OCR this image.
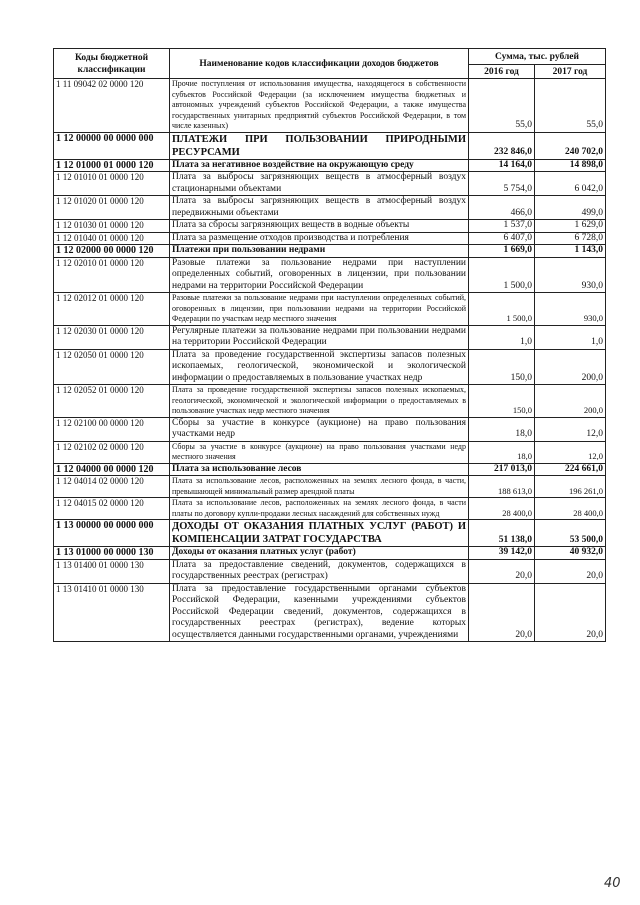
Коды бюджетной классификации	Наименование кодов классификации доходов бюджетов	Сумма, тыс. рублей	
		2016 год	2017 год
1 11 09042 02 0000 120	Прочие поступления от использования имущества, находящегося в собственности субъектов Российской Федерации (за исключением имущества бюджетных и автономных учреждений субъектов Российской Федерации, а также имущества государственных унитарных предприятий субъектов Российской Федерации, в том числе казенных)	55,0	55,0
1 12 00000 00 0000 000	ПЛАТЕЖИ ПРИ ПОЛЬЗОВАНИИ ПРИРОДНЫМИ РЕСУРСАМИ	232 846,0	240 702,0
1 12 01000 01 0000 120	Плата за негативное воздействие на окружающую среду	14 164,0	14 898,0
1 12 01010 01 0000 120	Плата за выбросы загрязняющих веществ в атмосферный воздух стационарными объектами	5 754,0	6 042,0
1 12 01020 01 0000 120	Плата за выбросы загрязняющих веществ в атмосферный воздух передвижными объектами	466,0	499,0
1 12 01030 01 0000 120	Плата за сбросы загрязняющих веществ в водные объекты	1 537,0	1 629,0
1 12 01040 01 0000 120	Плата за размещение отходов производства и потребления	6 407,0	6 728,0
1 12 02000 00 0000 120	Платежи при пользовании недрами	1 669,0	1 143,0
1 12 02010 01 0000 120	Разовые платежи за пользование недрами при наступлении определенных событий, оговоренных в лицензии, при пользовании недрами на территории Российской Федерации	1 500,0	930,0
1 12 02012 01 0000 120	Разовые платежи за пользование недрами при наступлении определенных событий, оговоренных в лицензии, при пользовании недрами на территории Российской Федерации по участкам недр местного значения	1 500,0	930,0
1 12 02030 01 0000 120	Регулярные платежи за пользование недрами при пользовании недрами на территории Российской Федерации	1,0	1,0
1 12 02050 01 0000 120	Плата за проведение государственной экспертизы запасов полезных ископаемых, геологической, экономической и экологической информации о предоставляемых в пользование участках недр	150,0	200,0
1 12 02052 01 0000 120	Плата за проведение государственной экспертизы запасов полезных ископаемых, геологической, экономической и экологической информации о предоставляемых в пользование участках недр местного значения	150,0	200,0
1 12 02100 00 0000 120	Сборы за участие в конкурсе (аукционе) на право пользования участками недр	18,0	12,0
1 12 02102 02 0000 120	Сборы за участие в конкурсе (аукционе) на право пользования участками недр местного значения	18,0	12,0
1 12 04000 00 0000 120	Плата за использование лесов	217 013,0	224 661,0
1 12 04014 02 0000 120	Плата за использование лесов, расположенных на землях лесного фонда, в части, превышающей минимальный размер арендной платы	188 613,0	196 261,0
1 12 04015 02 0000 120	Плата за использование лесов, расположенных на землях лесного фонда, в части платы по договору купли-продажи лесных насаждений для собственных нужд	28 400,0	28 400,0
1 13 00000 00 0000 000	ДОХОДЫ ОТ ОКАЗАНИЯ ПЛАТНЫХ УСЛУГ (РАБОТ) И КОМПЕНСАЦИИ ЗАТРАТ ГОСУДАРСТВА	51 138,0	53 500,0
1 13 01000 00 0000 130	Доходы от оказания платных услуг (работ)	39 142,0	40 932,0
1 13 01400 01 0000 130	Плата за предоставление сведений, документов, содержащихся в государственных реестрах (регистрах)	20,0	20,0
1 13 01410 01 0000 130	Плата за предоставление государственными органами субъектов Российской Федерации, казенными учреждениями субъектов Российской Федерации сведений, документов, содержащихся в государственных реестрах (регистрах), ведение которых осуществляется данными государственными органами, учреждениями	20,0	20,0
40
